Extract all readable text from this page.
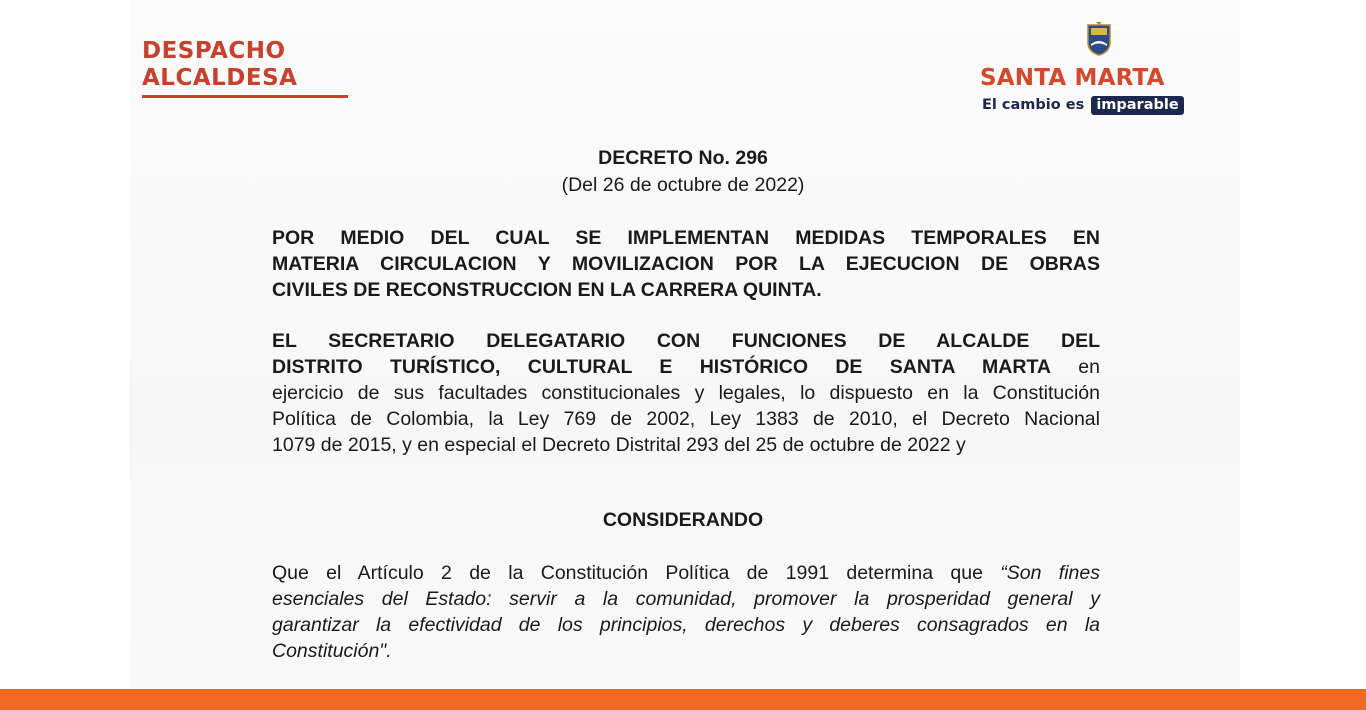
DESPACHO
ALCALDESA	SANTA MARTA
El cambio es imparable
DECRETO No. 296
(Del 26 de octubre de 2022)
POR MEDIO DEL CUAL SE IMPLEMENTAN MEDIDAS TEMPORALES EN
MATERIA CIRCULACION Y MOVILIZACION POR LA EJECUCION DE OBRAS
CIVILES DE RECONSTRUCCION EN LA CARRERA QUINTA.
EL SECRETARIO DELEGATARIO CON FUNCIONES DE ALCALDE DEL
DISTRITO TURÍSTICO, CULTURAL E HISTÓRICO DE SANTA MARTA en
ejercicio de sus facultades constitucionales y legales, lo dispuesto en la Constitución
Política de Colombia, la Ley 769 de 2002, Ley 1383 de 2010, el Decreto Nacional
1079 de 2015, y en especial el Decreto Distrital 293 del 25 de octubre de 2022 y
CONSIDERANDO
Que el Artículo 2 de la Constitución Política de 1991 determina que “Son fines
esenciales del Estado: servir a la comunidad, promover la prosperidad general y
garantizar la efectividad de los principios, derechos y deberes consagrados en la
Constitución".
